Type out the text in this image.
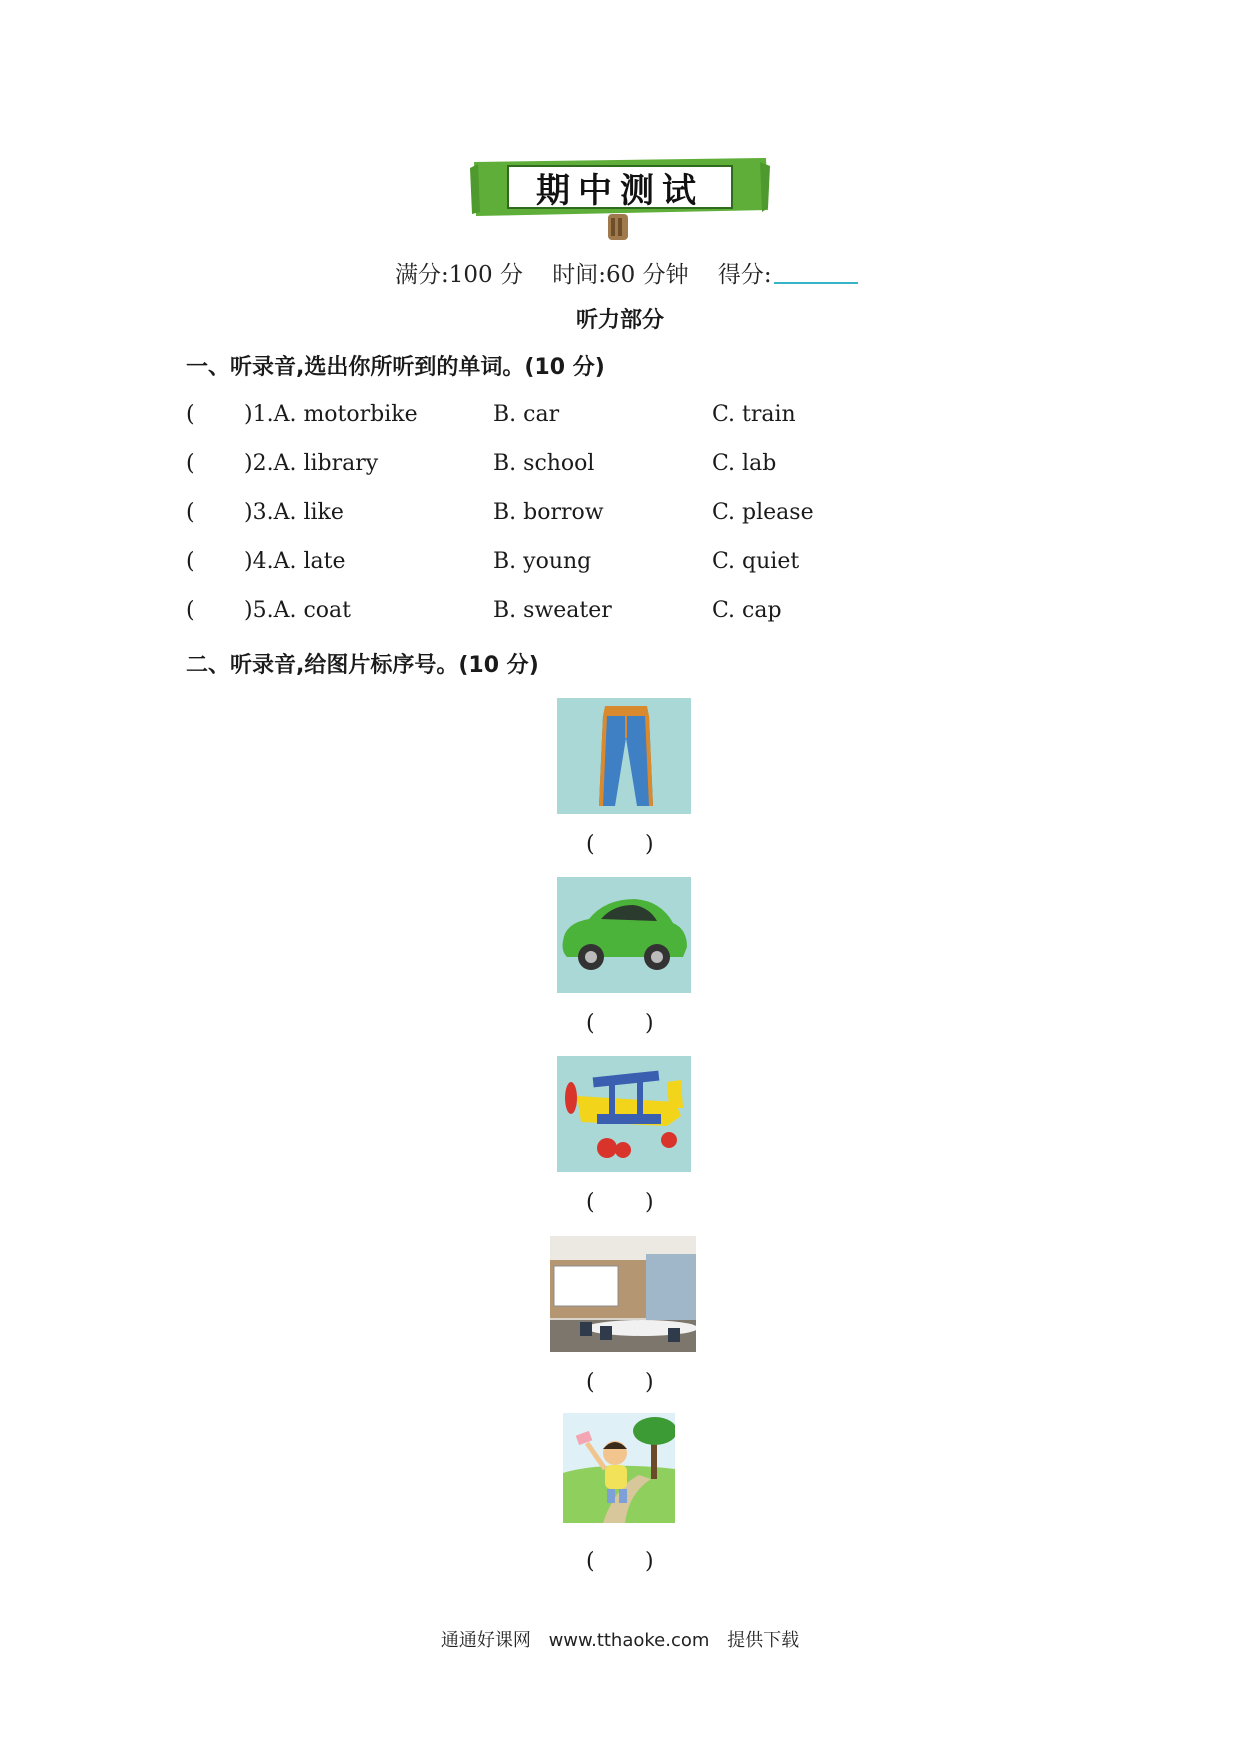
期中测试
满分:100 分 时间:60 分钟 得分:
听力部分
一、听录音,选出你所听到的单词。(10 分)
( )1.A. motorbike	B. car	C. train
( )2.A. library	B. school	C. lab
( )3.A. like	B. borrow	C. please
( )4.A. late	B. young	C. quiet
( )5.A. coat	B. sweater	C. cap
二、听录音,给图片标序号。(10 分)
( )
( )
( )
( )
( )
通通好课网 www.tthaoke.com 提供下载
